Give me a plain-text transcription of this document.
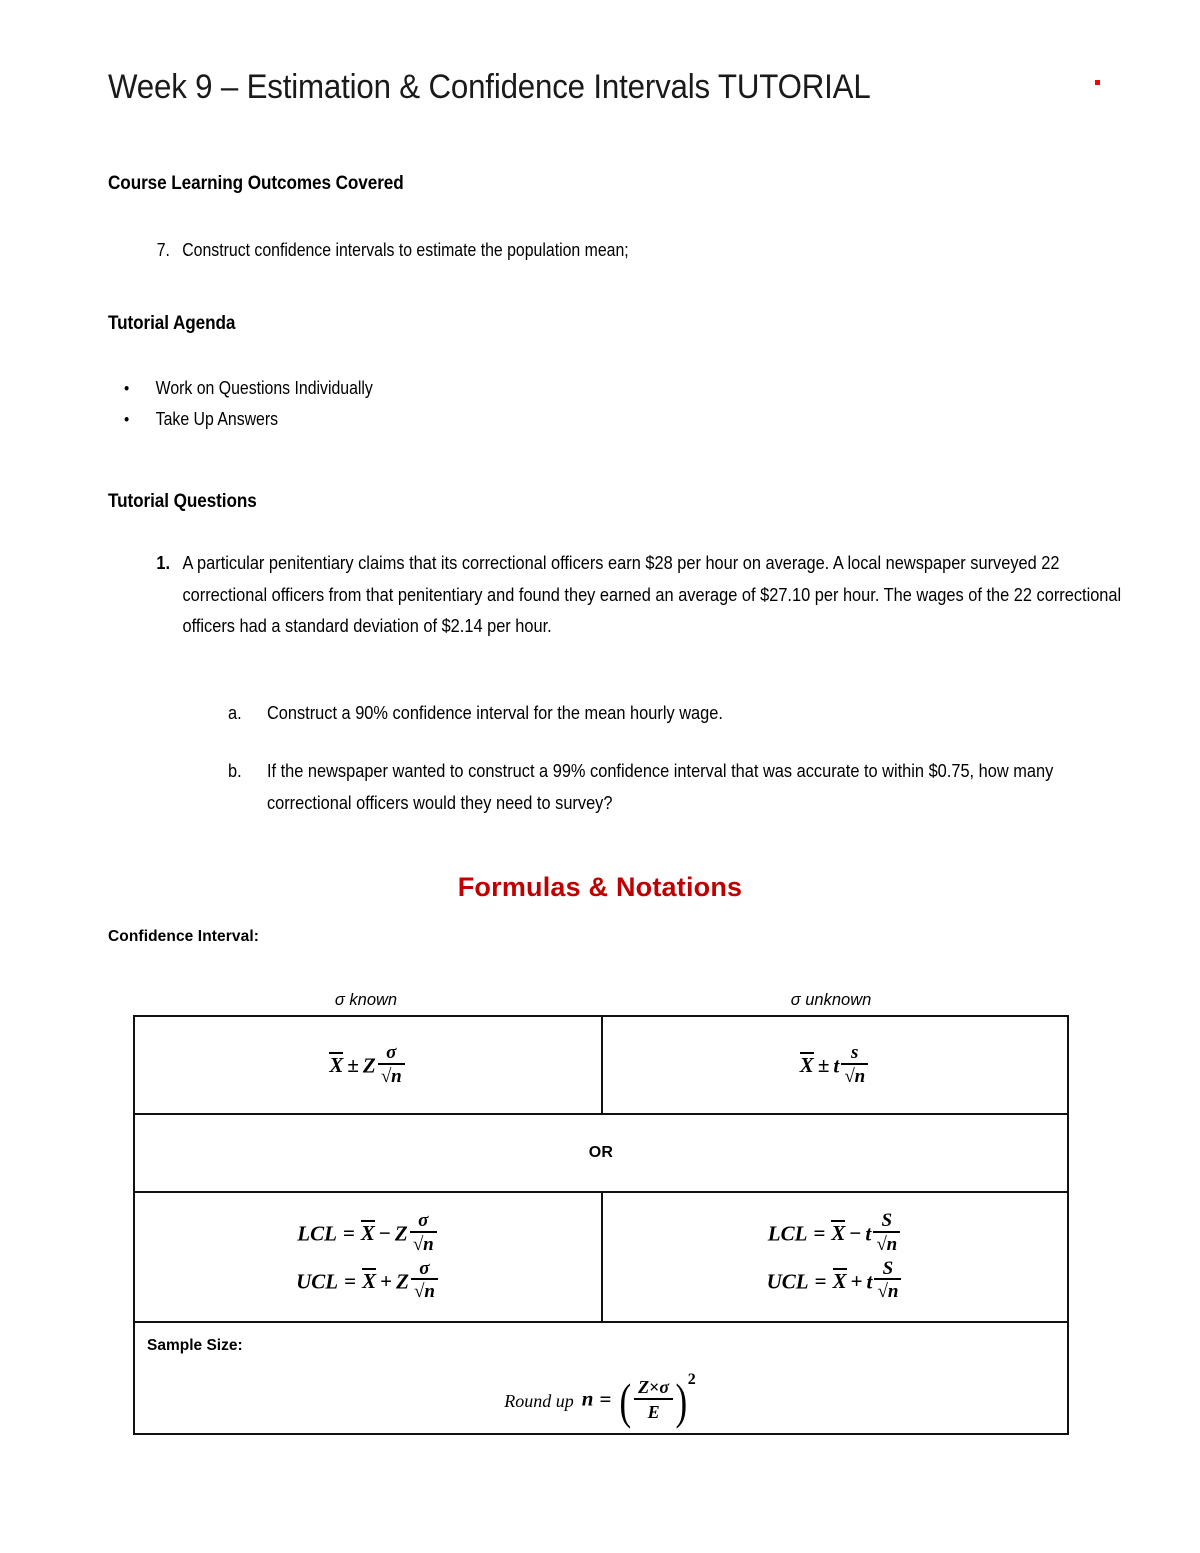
Week 9 – Estimation & Confidence Intervals TUTORIAL
Course Learning Outcomes Covered
7. Construct confidence intervals to estimate the population mean;
Tutorial Agenda
•	Work on Questions Individually
•	Take Up Answers
Tutorial Questions
1. A particular penitentiary claims that its correctional officers earn $28 per hour on average. A local newspaper surveyed 22 correctional officers from that penitentiary and found they earned an average of $27.10 per hour. The wages of the 22 correctional officers had a standard deviation of $2.14 per hour.
a.	Construct a 90% confidence interval for the mean hourly wage.
b.	If the newspaper wanted to construct a 99% confidence interval that was accurate to within $0.75, how many correctional officers would they need to survey?
Formulas & Notations
Confidence Interval:
σ known	σ unknown
X ± Z $\frac{\sigma}{√n}$	X ± t $\frac{s}{√n}$

OR	

LCL = X − Z $\frac{\sigma}{√n}$
UCL = X + Z $\frac{\sigma}{√n}$

LCL = X − t $\frac{S}{√n}$
UCL = X + t $\frac{S}{√n}$

Sample Size:
Round up n = ( $\frac{Z\times\sigma}{E} )^2$
